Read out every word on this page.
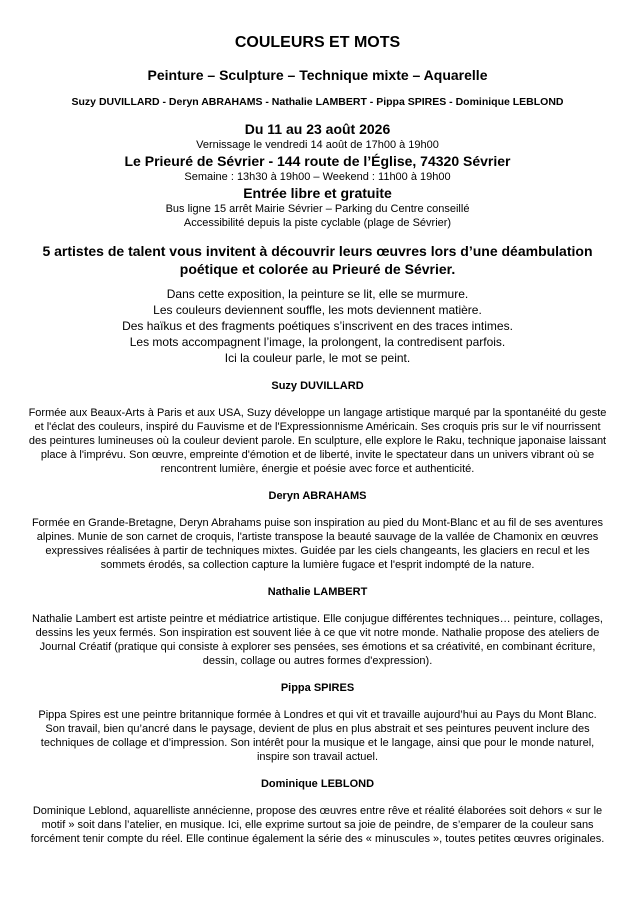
COULEURS ET MOTS
Peinture – Sculpture – Technique mixte – Aquarelle
Suzy DUVILLARD - Deryn ABRAHAMS - Nathalie LAMBERT - Pippa SPIRES - Dominique LEBLOND
Du 11 au 23 août 2026
Vernissage le vendredi 14 août de 17h00 à 19h00
Le Prieuré de Sévrier - 144 route de l’Église, 74320 Sévrier
Semaine : 13h30 à 19h00 – Weekend : 11h00 à 19h00
Entrée libre et gratuite
Bus ligne 15 arrêt Mairie Sévrier – Parking du Centre conseillé
Accessibilité depuis la piste cyclable (plage de Sévrier)
5 artistes de talent vous invitent à découvrir leurs œuvres lors d’une déambulation poétique et colorée au Prieuré de Sévrier.
Dans cette exposition, la peinture se lit, elle se murmure.
Les couleurs deviennent souffle, les mots deviennent matière.
Des haïkus et des fragments poétiques s’inscrivent en des traces intimes.
Les mots accompagnent l’image, la prolongent, la contredisent parfois.
Ici la couleur parle, le mot se peint.
Suzy DUVILLARD
Formée aux Beaux-Arts à Paris et aux USA, Suzy développe un langage artistique marqué par la spontanéité du geste et l'éclat des couleurs, inspiré du Fauvisme et de l'Expressionnisme Américain. Ses croquis pris sur le vif nourrissent des peintures lumineuses où la couleur devient parole. En sculpture, elle explore le Raku, technique japonaise laissant place à l'imprévu. Son œuvre, empreinte d'émotion et de liberté, invite le spectateur dans un univers vibrant où se rencontrent lumière, énergie et poésie avec force et authenticité.
Deryn ABRAHAMS
Formée en Grande-Bretagne, Deryn Abrahams puise son inspiration au pied du Mont-Blanc et au fil de ses aventures alpines. Munie de son carnet de croquis, l'artiste transpose la beauté sauvage de la vallée de Chamonix en œuvres expressives réalisées à partir de techniques mixtes. Guidée par les ciels changeants, les glaciers en recul et les sommets érodés, sa collection capture la lumière fugace et l'esprit indompté de la nature.
Nathalie LAMBERT
Nathalie Lambert est artiste peintre et médiatrice artistique. Elle conjugue différentes techniques… peinture, collages, dessins les yeux fermés. Son inspiration est souvent liée à ce que vit notre monde. Nathalie propose des ateliers de Journal Créatif (pratique qui consiste à explorer ses pensées, ses émotions et sa créativité, en combinant écriture, dessin, collage ou autres formes d'expression).
Pippa SPIRES
Pippa Spires est une peintre britannique formée à Londres et qui vit et travaille aujourd’hui au Pays du Mont Blanc. Son travail, bien qu’ancré dans le paysage, devient de plus en plus abstrait et ses peintures peuvent inclure des techniques de collage et d’impression. Son intérêt pour la musique et le langage, ainsi que pour le monde naturel, inspire son travail actuel.
Dominique LEBLOND
Dominique Leblond, aquarelliste annécienne, propose des œuvres entre rêve et réalité élaborées soit dehors « sur le motif » soit dans l’atelier, en musique. Ici, elle exprime surtout sa joie de peindre, de s’emparer de la couleur sans forcément tenir compte du réel. Elle continue également la série des « minuscules », toutes petites œuvres originales.
